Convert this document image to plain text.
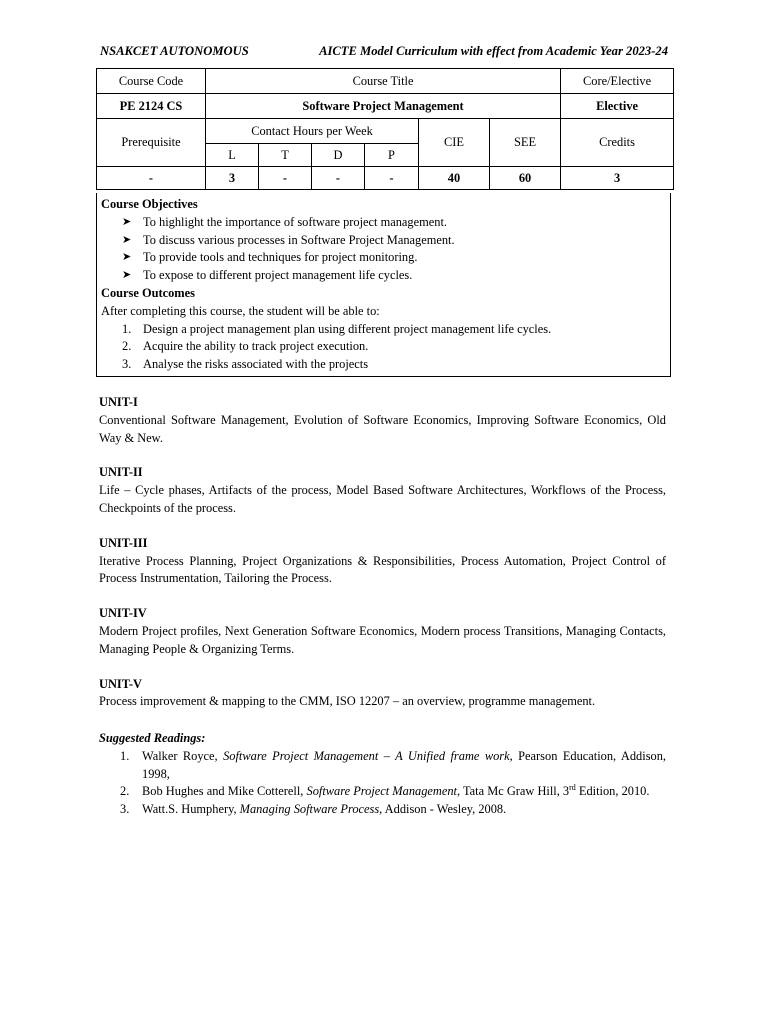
NSAKCET AUTONOMOUS	AICTE Model Curriculum with effect from Academic Year 2023-24
Course Code	Course Title						Core/Elective
PE 2124 CS	Software Project Management						Elective
Prerequisite	Contact Hours per Week				CIE	SEE	Credits
	L	T	D	P			
-	3	-	-	-	40	60	3
Course Objectives
➤ To highlight the importance of software project management.
➤ To discuss various processes in Software Project Management.
➤ To provide tools and techniques for project monitoring.
➤ To expose to different project management life cycles.
Course Outcomes
After completing this course, the student will be able to:
1. Design a project management plan using different project management life cycles.
2. Acquire the ability to track project execution.
3. Analyse the risks associated with the projects
UNIT-I
Conventional Software Management, Evolution of Software Economics, Improving Software Economics, Old Way & New.
UNIT-II
Life – Cycle phases, Artifacts of the process, Model Based Software Architectures, Workflows of the Process, Checkpoints of the process.
UNIT-III
Iterative Process Planning, Project Organizations & Responsibilities, Process Automation, Project Control of Process Instrumentation, Tailoring the Process.
UNIT-IV
Modern Project profiles, Next Generation Software Economics, Modern process Transitions, Managing Contacts, Managing People & Organizing Terms.
UNIT-V
Process improvement & mapping to the CMM, ISO 12207 – an overview, programme management.
Suggested Readings:
1. Walker Royce, Software Project Management – A Unified frame work, Pearson Education, Addison, 1998,
2. Bob Hughes and Mike Cotterell, Software Project Management, Tata Mc Graw Hill, 3rd Edition, 2010.
3. Watt.S. Humphery, Managing Software Process, Addison - Wesley, 2008.
